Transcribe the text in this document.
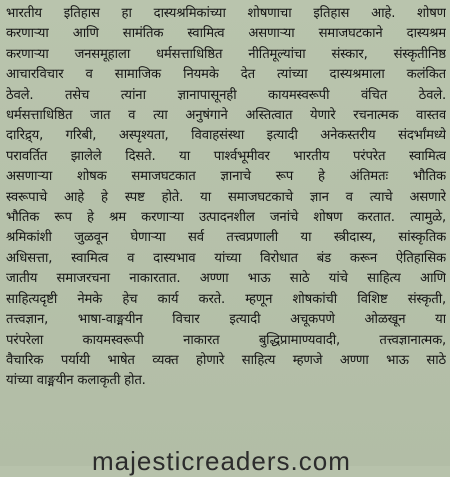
भारतीय इतिहास हा दास्यश्रमिकांच्या शोषणाचा इतिहास आहे. शोषण
करणाऱ्या आणि सामंतिक स्वामित्व असणाऱ्या समाजघटकाने दास्यश्रम
करणाऱ्या जनसमूहाला धर्मसत्ताधिष्ठित नीतिमूल्यांचा संस्कार, संस्कृतीनिष्ठ
आचारविचार व सामाजिक नियमके देत त्यांच्या दास्यश्रमाला कलंकित
ठेवले. तसेच त्यांना ज्ञानापासूनही कायमस्वरूपी वंचित ठेवले.
धर्मसत्ताधिष्ठित जात व त्या अनुषंगाने अस्तित्वात येणारे रचनात्मक वास्तव
दारिद्र्य, गरिबी, अस्पृश्यता, विवाहसंस्था इत्यादी अनेकस्तरीय संदर्भांमध्ये
परावर्तित झालेले दिसते. या पार्श्वभूमीवर भारतीय परंपरेत स्वामित्व
असणाऱ्या शोषक समाजघटकात ज्ञानाचे रूप हे अंतिमतः भौतिक
स्वरूपाचे आहे हे स्पष्ट होते. या समाजघटकाचे ज्ञान व त्याचे असणारे
भौतिक रूप हे श्रम करणाऱ्या उत्पादनशील जनांचे शोषण करतात. त्यामुळे,
श्रमिकांशी जुळवून घेणाऱ्या सर्व तत्त्वप्रणाली या स्त्रीदास्य, सांस्कृतिक
अधिसत्ता, स्वामित्व व दास्यभाव यांच्या विरोधात बंड करून ऐतिहासिक
जातीय समाजरचना नाकारतात. अण्णा भाऊ साठे यांचे साहित्य आणि
साहित्यदृष्टी नेमके हेच कार्य करते. म्हणून शोषकांची विशिष्ट संस्कृती,
तत्त्वज्ञान, भाषा-वाङ्मयीन विचार इत्यादी अचूकपणे ओळखून या
परंपरेला कायमस्वरूपी नाकारत बुद्धिप्रामाण्यवादी, तत्त्वज्ञानात्मक,
वैचारिक पर्यायी भाषेत व्यक्त होणारे साहित्य म्हणजे अण्णा भाऊ साठे
यांच्या वाङ्मयीन कलाकृती होत.
majesticreaders.com
